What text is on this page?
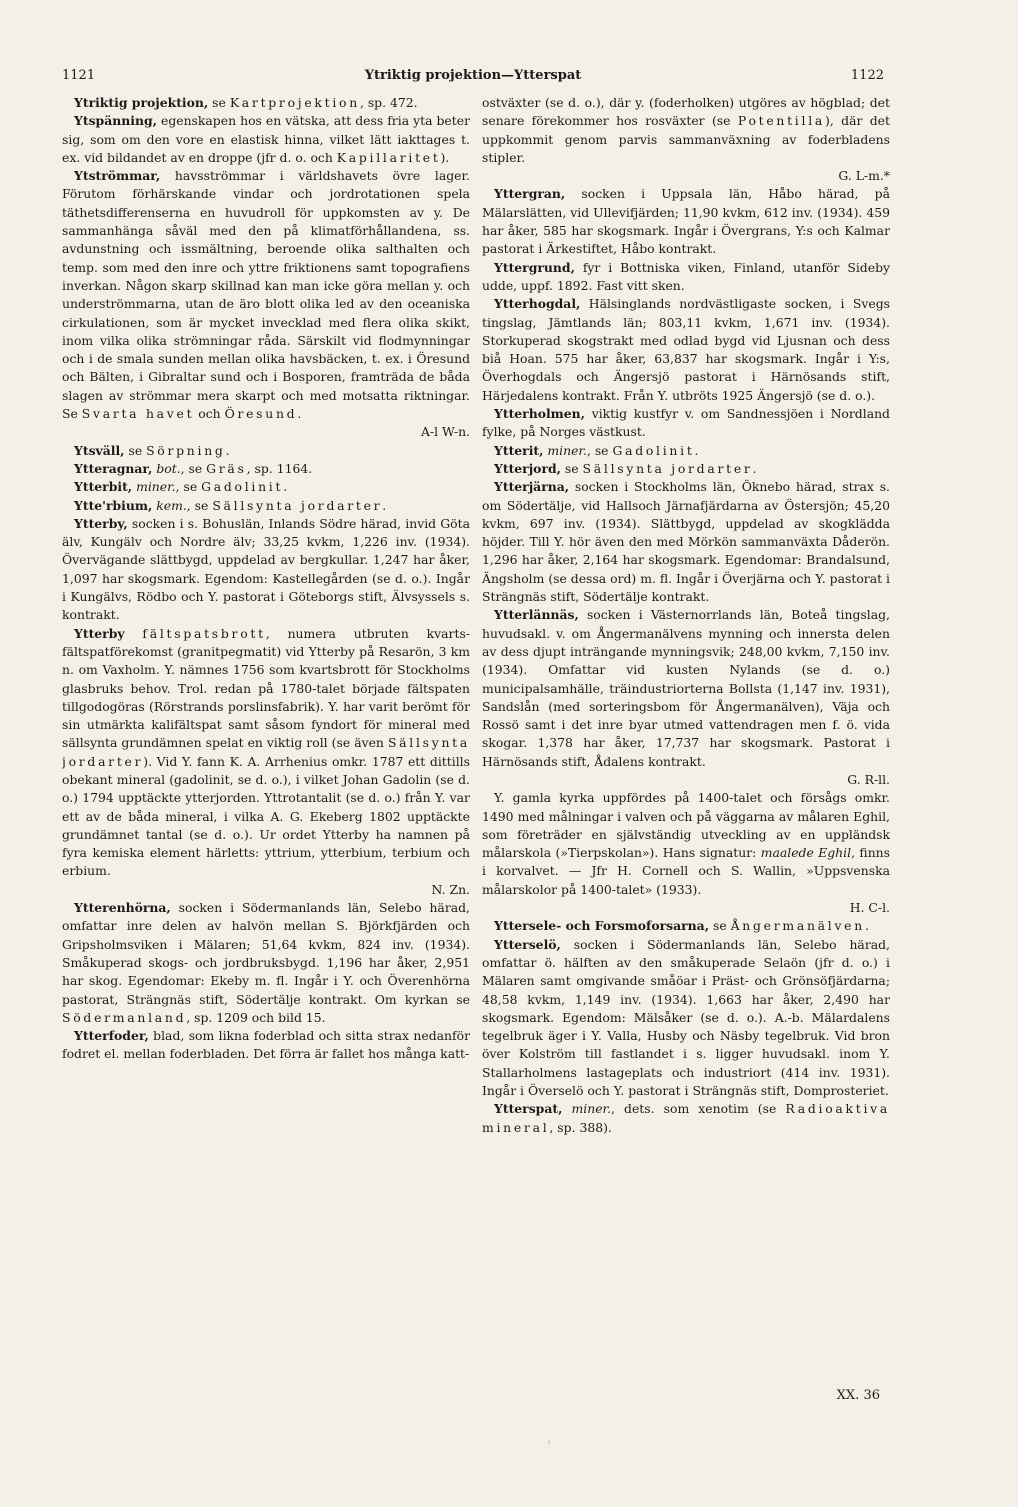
1121	Ytriktig projektion—Ytterspat	1122

Ytriktig projektion, se Kartprojektion, sp. 472.

Ytspänning, egenskapen hos en vätska, att dess fria yta beter sig, som om den vore en elastisk hinna, vilket lätt iakttages t. ex. vid bildandet av en droppe (jfr d. o. och Kapillaritet).

Ytströmmar, havsströmmar i världshavets övre lager. Förutom förhärskande vindar och jordrotationen spela täthetsdifferenserna en huvudroll för uppkomsten av y. De sammanhänga såväl med den på klimatförhållandena, ss. avdunstning och issmältning, beroende olika salthalten och temp. som med den inre och yttre friktionens samt topografiens inverkan. Någon skarp skillnad kan man icke göra mellan y. och underströmmarna, utan de äro blott olika led av den oceaniska cirkulationen, som är mycket invecklad med flera olika skikt, inom vilka olika strömningar råda. Särskilt vid flodmynningar och i de smala sunden mellan olika havsbäcken, t. ex. i Öresund och Bälten, i Gibraltar sund och i Bosporen, framträda de båda slagen av strömmar mera skarpt och med motsatta riktningar. Se Svarta havet och Öresund.
A-l W-n.

Ytsväll, se Sörpning.

Ytteragnar, bot., se Gräs, sp. 1164.

Ytterbit, miner., se Gadolinit.

Ytte'rbium, kem., se Sällsynta jordarter.

Ytterby, socken i s. Bohuslän, Inlands Södre härad, invid Göta älv, Kungälv och Nordre älv; 33,25 kvkm, 1,226 inv. (1934). Övervägande slättbygd, uppdelad av bergkullar. 1,247 har åker, 1,097 har skogsmark. Egendom: Kastellegården (se d. o.). Ingår i Kungälvs, Rödbo och Y. pastorat i Göteborgs stift, Älvsyssels s. kontrakt.

Ytterby fältspatsbrott, numera utbruten kvarts-fältspatförekomst (granitpegmatit) vid Ytterby på Resarön, 3 km n. om Vaxholm. Y. nämnes 1756 som kvartsbrott för Stockholms glasbruks behov. Trol. redan på 1780-talet började fältspaten tillgodogöras (Rörstrands porslinsfabrik). Y. har varit berömt för sin utmärkta kalifältspat samt såsom fyndort för mineral med sällsynta grundämnen spelat en viktig roll (se även Sällsynta jordarter). Vid Y. fann K. A. Arrhenius omkr. 1787 ett dittills obekant mineral (gadolinit, se d. o.), i vilket Johan Gadolin (se d. o.) 1794 upptäckte ytterjorden. Yttrotantalit (se d. o.) från Y. var ett av de båda mineral, i vilka A. G. Ekeberg 1802 upptäckte grundämnet tantal (se d. o.). Ur ordet Ytterby ha namnen på fyra kemiska element härletts: yttrium, ytterbium, terbium och erbium.
N. Zn.

Ytterenhörna, socken i Södermanlands län, Selebo härad, omfattar inre delen av halvön mellan S. Björkfjärden och Gripsholmsviken i Mälaren; 51,64 kvkm, 824 inv. (1934). Småkuperad skogs- och jordbruksbygd. 1,196 har åker, 2,951 har skog. Egendomar: Ekeby m. fl. Ingår i Y. och Överenhörna pastorat, Strängnäs stift, Södertälje kontrakt. Om kyrkan se Södermanland, sp. 1209 och bild 15.

Ytterfoder, blad, som likna foderblad och sitta strax nedanför fodret el. mellan foderbladen. Det förra är fallet hos många katt-

ostväxter (se d. o.), där y. (foderholken) utgöres av högblad; det senare förekommer hos rosväxter (se Potentilla), där det uppkommit genom parvis sammanväxning av foderbladens stipler.
G. L-m.*

Yttergran, socken i Uppsala län, Håbo härad, på Mälarslätten, vid Ullevifjärden; 11,90 kvkm, 612 inv. (1934). 459 har åker, 585 har skogsmark. Ingår i Övergrans, Y:s och Kalmar pastorat i Ärkestiftet, Håbo kontrakt.

Yttergrund, fyr i Bottniska viken, Finland, utanför Sideby udde, uppf. 1892. Fast vitt sken.

Ytterhogdal, Hälsinglands nordvästligaste socken, i Svegs tingslag, Jämtlands län; 803,11 kvkm, 1,671 inv. (1934). Storkuperad skogstrakt med odlad bygd vid Ljusnan och dess biå Hoan. 575 har åker, 63,837 har skogsmark. Ingår i Y:s, Överhogdals och Ängersjö pastorat i Härnösands stift, Härjedalens kontrakt. Från Y. utbröts 1925 Ängersjö (se d. o.).

Ytterholmen, viktig kustfyr v. om Sandnessjöen i Nordland fylke, på Norges västkust.

Ytterit, miner., se Gadolinit.

Ytterjord, se Sällsynta jordarter.

Ytterjärna, socken i Stockholms län, Öknebo härad, strax s. om Södertälje, vid Hallsoch Järnafjärdarna av Östersjön; 45,20 kvkm, 697 inv. (1934). Slättbygd, uppdelad av skogklädda höjder. Till Y. hör även den med Mörkön sammanväxta Dåderön. 1,296 har åker, 2,164 har skogsmark. Egendomar: Brandalsund, Ängsholm (se dessa ord) m. fl. Ingår i Överjärna och Y. pastorat i Strängnäs stift, Södertälje kontrakt.

Ytterlännäs, socken i Västernorrlands län, Boteå tingslag, huvudsakl. v. om Ångermanälvens mynning och innersta delen av dess djupt inträngande mynningsvik; 248,00 kvkm, 7,150 inv. (1934). Omfattar vid kusten Nylands (se d. o.) municipalsamhälle, träindustriorterna Bollsta (1,147 inv. 1931), Sandslån (med sorteringsbom för Ångermanälven), Väja och Rossö samt i det inre byar utmed vattendragen men f. ö. vida skogar. 1,378 har åker, 17,737 har skogsmark. Pastorat i Härnösands stift, Ådalens kontrakt.
G. R-ll.

Y. gamla kyrka uppfördes på 1400-talet och försågs omkr. 1490 med målningar i valven och på väggarna av målaren Eghil, som företräder en självständig utveckling av en uppländsk målarskola (»Tierpskolan»). Hans signatur: maalede Eghil, finns i korvalvet. — Jfr H. Cornell och S. Wallin, »Uppsvenska målarskolor på 1400-talet» (1933).
H. C-l.

Yttersele- och Forsmoforsarna, se Ångermanälven.

Ytterselö, socken i Södermanlands län, Selebo härad, omfattar ö. hälften av den småkuperade Selaön (jfr d. o.) i Mälaren samt omgivande småöar i Präst- och Grönsöfjärdarna; 48,58 kvkm, 1,149 inv. (1934). 1,663 har åker, 2,490 har skogsmark. Egendom: Mälsåker (se d. o.). A.-b. Mälardalens tegelbruk äger i Y. Valla, Husby och Näsby tegelbruk. Vid bron över Kolström till fastlandet i s. ligger huvudsakl. inom Y. Stallarholmens lastageplats och industriort (414 inv. 1931). Ingår i Överselö och Y. pastorat i Strängnäs stift, Domprosteriet.

Ytterspat, miner., dets. som xenotim (se Radioaktiva mineral, sp. 388).

XX. 36
ᵢ
